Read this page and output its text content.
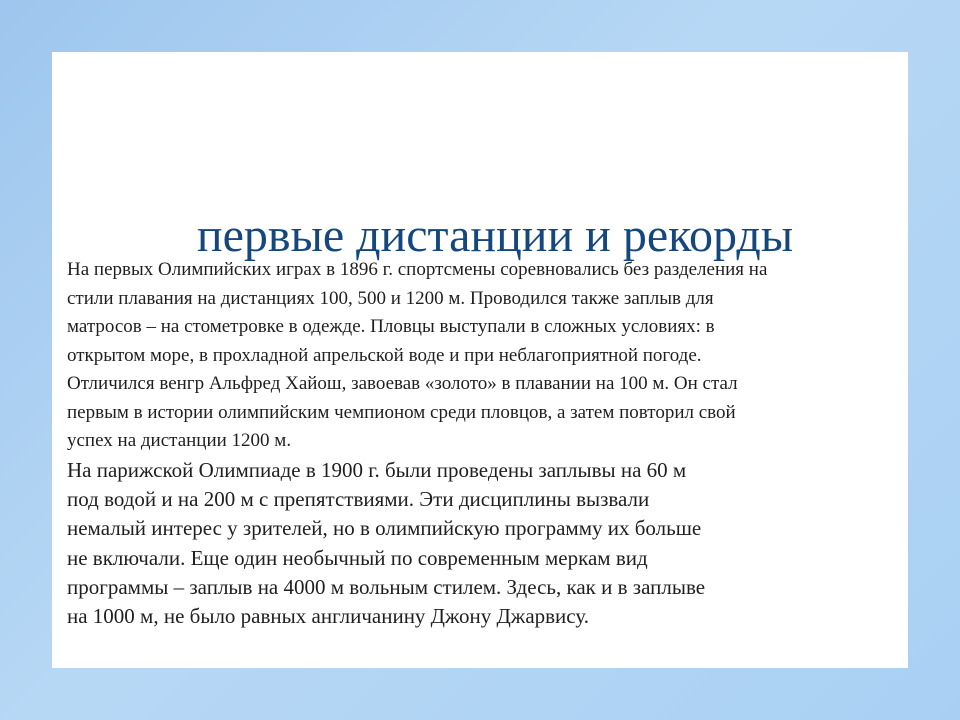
первые дистанции и рекорды
На первых Олимпийских играх в 1896 г. спортсмены соревновались без разделения на
стили плавания на дистанциях 100, 500 и 1200 м. Проводился также заплыв для
матросов – на стометровке в одежде. Пловцы выступали в сложных условиях: в
открытом море, в прохладной апрельской воде и при неблагоприятной погоде.
Отличился венгр Альфред Хайош, завоевав «золото» в плавании на 100 м. Он стал
первым в истории олимпийским чемпионом среди пловцов, а затем повторил свой
успех на дистанции 1200 м.
На парижской Олимпиаде в 1900 г. были проведены заплывы на 60 м
под водой и на 200 м с препятствиями. Эти дисциплины вызвали
немалый интерес у зрителей, но в олимпийскую программу их больше
не включали. Еще один необычный по современным меркам вид
программы – заплыв на 4000 м вольным стилем. Здесь, как и в заплыве
на 1000 м, не было равных англичанину Джону Джарвису.
